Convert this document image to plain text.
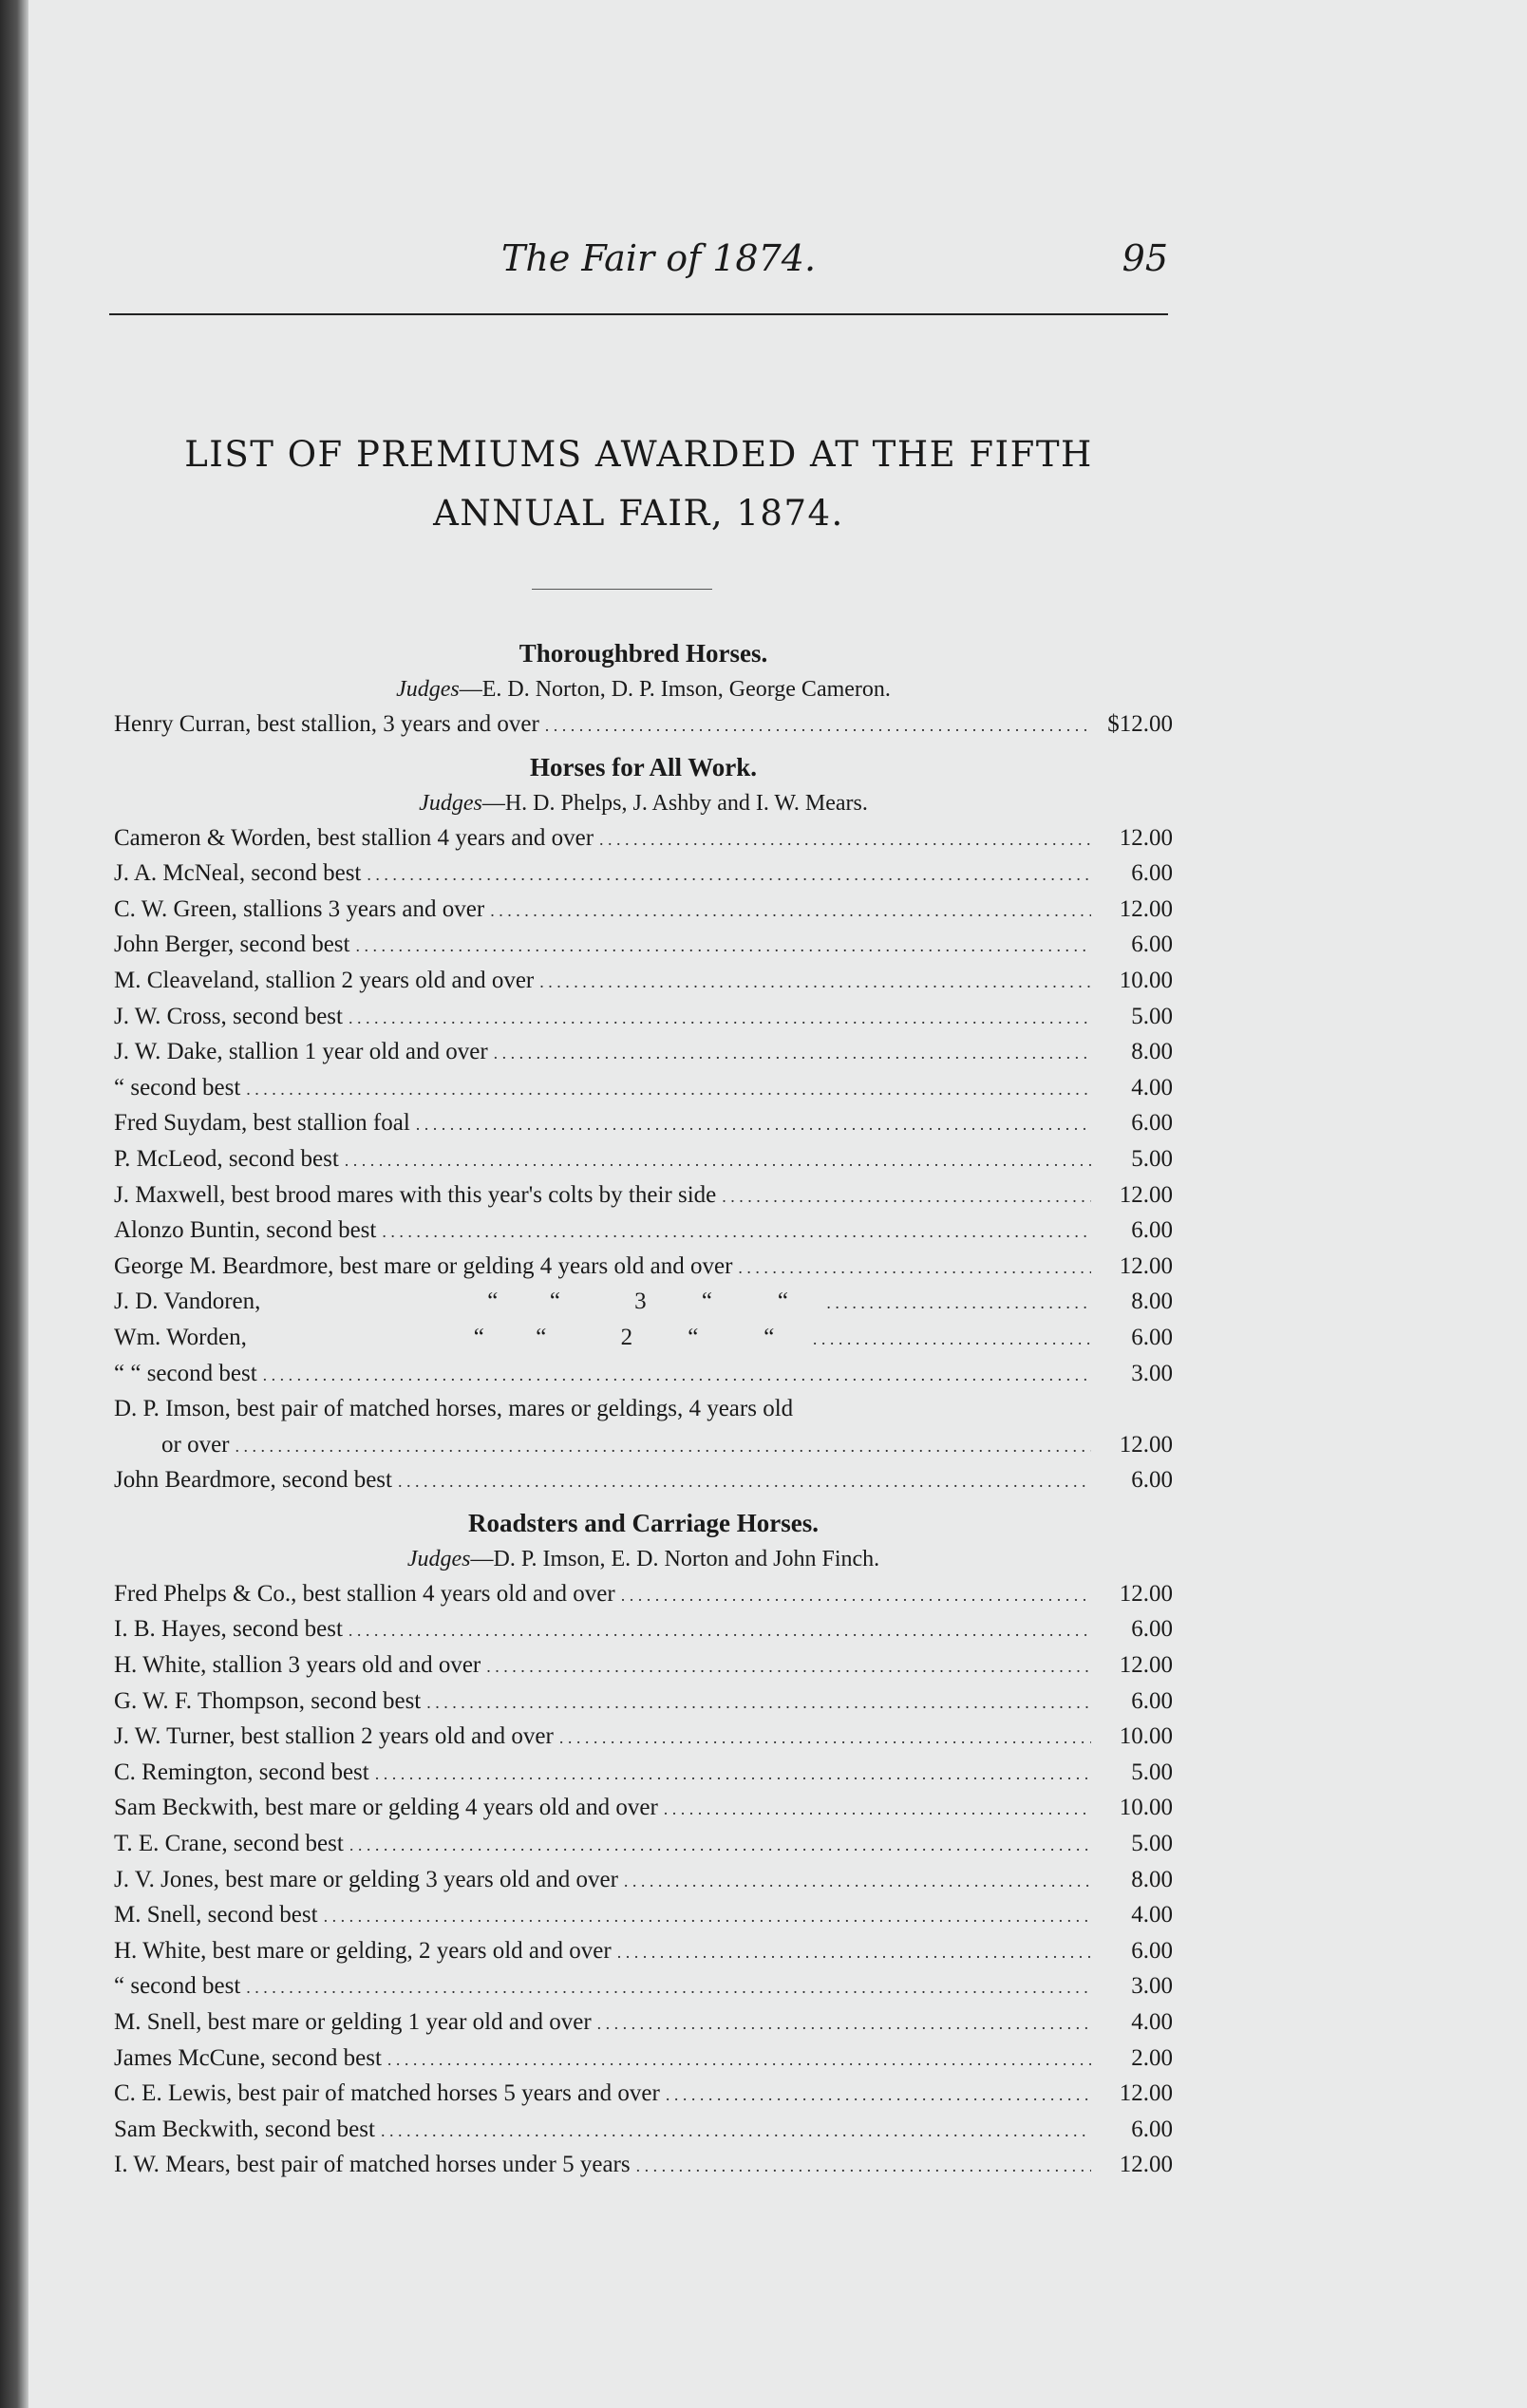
The Fair of 1874.	95
LIST OF PREMIUMS AWARDED AT THE FIFTH
ANNUAL FAIR, 1874.
Thoroughbred Horses.
Judges—E. D. Norton, D. P. Imson, George Cameron.
Henry Curran, best stallion, 3 years and over . . .	$12.00
Horses for All Work.
Judges—H. D. Phelps, J. Ashby and I. W. Mears.
Cameron & Worden, best stallion 4 years and over . . .	12.00
J. A. McNeal, second best . . .	6.00
C. W. Green, stallions 3 years and over . . .	12.00
John Berger, second best . . .	6.00
M. Cleaveland, stallion 2 years old and over . . .	10.00
J. W. Cross, second best . . .	5.00
J. W. Dake, stallion 1 year old and over . . .	8.00
“ second best . . .	4.00
Fred Suydam, best stallion foal . . .	6.00
P. McLeod, second best . . .	5.00
J. Maxwell, best brood mares with this year's colts by their side . . .	12.00
Alonzo Buntin, second best . . .	6.00
George M. Beardmore, best mare or gelding 4 years old and over . . .	12.00
J. D. Vandoren,	“	“	3	“	“ . . .	8.00
Wm. Worden,	“	“	2	“	“ . . .	6.00
“ “ second best . . .	3.00
D. P. Imson, best pair of matched horses, mares or geldings, 4 years old
or over . . .	12.00
John Beardmore, second best . . .	6.00
Roadsters and Carriage Horses.
Judges—D. P. Imson, E. D. Norton and John Finch.
Fred Phelps & Co., best stallion 4 years old and over . . .	12.00
I. B. Hayes, second best . . .	6.00
H. White, stallion 3 years old and over . . .	12.00
G. W. F. Thompson, second best . . .	6.00
J. W. Turner, best stallion 2 years old and over . . .	10.00
C. Remington, second best . . .	5.00
Sam Beckwith, best mare or gelding 4 years old and over . . .	10.00
T. E. Crane, second best . . .	5.00
J. V. Jones, best mare or gelding 3 years old and over . . .	8.00
M. Snell, second best . . .	4.00
H. White, best mare or gelding, 2 years old and over . . .	6.00
“ second best . . .	3.00
M. Snell, best mare or gelding 1 year old and over . . .	4.00
James McCune, second best . . .	2.00
C. E. Lewis, best pair of matched horses 5 years and over . . .	12.00
Sam Beckwith, second best . . .	6.00
I. W. Mears, best pair of matched horses under 5 years . . .	12.00
